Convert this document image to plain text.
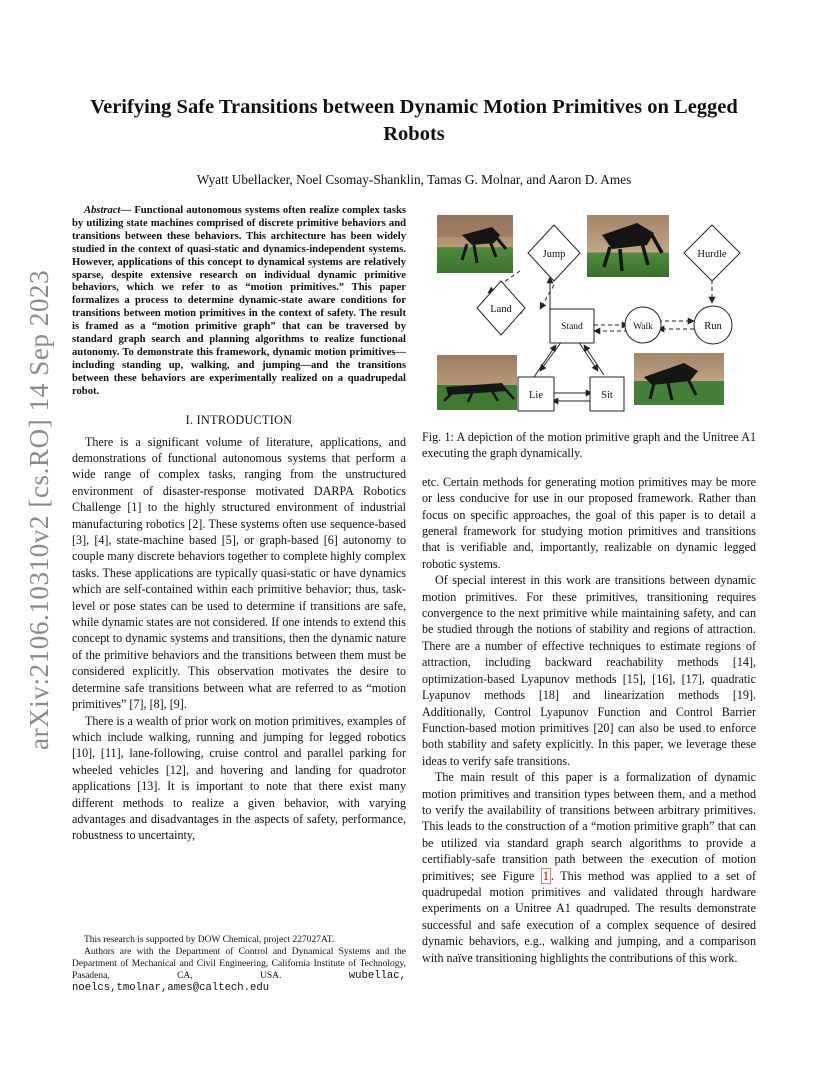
arXiv:2106.10310v2 [cs.RO] 14 Sep 2023
Verifying Safe Transitions between Dynamic Motion Primitives on Legged Robots
Wyatt Ubellacker, Noel Csomay-Shanklin, Tamas G. Molnar, and Aaron D. Ames

Abstract— Functional autonomous systems often realize complex tasks by utilizing state machines comprised of discrete primitive behaviors and transitions between these behaviors. This architecture has been widely studied in the context of quasi-static and dynamics-independent systems. However, applications of this concept to dynamical systems are relatively sparse, despite extensive research on individual dynamic primitive behaviors, which we refer to as “motion primitives.” This paper formalizes a process to determine dynamic-state aware conditions for transitions between motion primitives in the context of safety. The result is framed as a “motion primitive graph” that can be traversed by standard graph search and planning algorithms to realize functional autonomy. To demonstrate this framework, dynamic motion primitives—including standing up, walking, and jumping—and the transitions between these behaviors are experimentally realized on a quadrupedal robot.

I. INTRODUCTION

There is a significant volume of literature, applications, and demonstrations of functional autonomous systems that perform a wide range of complex tasks, ranging from the unstructured environment of disaster-response motivated DARPA Robotics Challenge [1] to the highly structured environment of industrial manufacturing robotics [2]. These systems often use sequence-based [3], [4], state-machine based [5], or graph-based [6] autonomy to couple many discrete behaviors together to complete highly complex tasks. These applications are typically quasi-static or have dynamics which are self-contained within each primitive behavior; thus, task-level or pose states can be used to determine if transitions are safe, while dynamic states are not considered. If one intends to extend this concept to dynamic systems and transitions, then the dynamic nature of the primitive behaviors and the transitions between them must be considered explicitly. This observation motivates the desire to determine safe transitions between what are referred to as “motion primitives” [7], [8], [9].

There is a wealth of prior work on motion primitives, examples of which include walking, running and jumping for legged robotics [10], [11], lane-following, cruise control and parallel parking for wheeled vehicles [12], and hovering and landing for quadrotor applications [13]. It is important to note that there exist many different methods to realize a given behavior, with varying advantages and disadvantages in the aspects of safety, performance, robustness to uncertainty,

This research is supported by DOW Chemical, project 227027AT.

Authors are with the Department of Control and Dynamical Systems and the Department of Mechanical and Civil Engineering, California Institute of Technology, Pasadena, CA, USA.	wubellac, noelcs,tmolnar,ames@caltech.edu

Jump	Hurdle
Land
Stand	Walk	Run
Lie	Sit

Fig. 1: A depiction of the motion primitive graph and the Unitree A1 executing the graph dynamically.

etc. Certain methods for generating motion primitives may be more or less conducive for use in our proposed framework. Rather than focus on specific approaches, the goal of this paper is to detail a general framework for studying motion primitives and transitions that is verifiable and, importantly, realizable on dynamic legged robotic systems.

Of special interest in this work are transitions between dynamic motion primitives. For these primitives, transitioning requires convergence to the next primitive while maintaining safety, and can be studied through the notions of stability and regions of attraction. There are a number of effective techniques to estimate regions of attraction, including backward reachability methods [14], optimization-based Lyapunov methods [15], [16], [17], quadratic Lyapunov methods [18] and linearization methods [19]. Additionally, Control Lyapunov Function and Control Barrier Function-based motion primitives [20] can also be used to enforce both stability and safety explicitly. In this paper, we leverage these ideas to verify safe transitions.

The main result of this paper is a formalization of dynamic motion primitives and transition types between them, and a method to verify the availability of transitions between arbitrary primitives. This leads to the construction of a “motion primitive graph” that can be utilized via standard graph search algorithms to provide a certifiably-safe transition path between the execution of motion primitives; see Figure 1 . This method was applied to a set of quadrupedal motion primitives and validated through hardware experiments on a Unitree A1 quadruped. The results demonstrate successful and safe execution of a complex sequence of desired dynamic behaviors, e.g., walking and jumping, and a comparison with naïve transitioning highlights the contributions of this work.
